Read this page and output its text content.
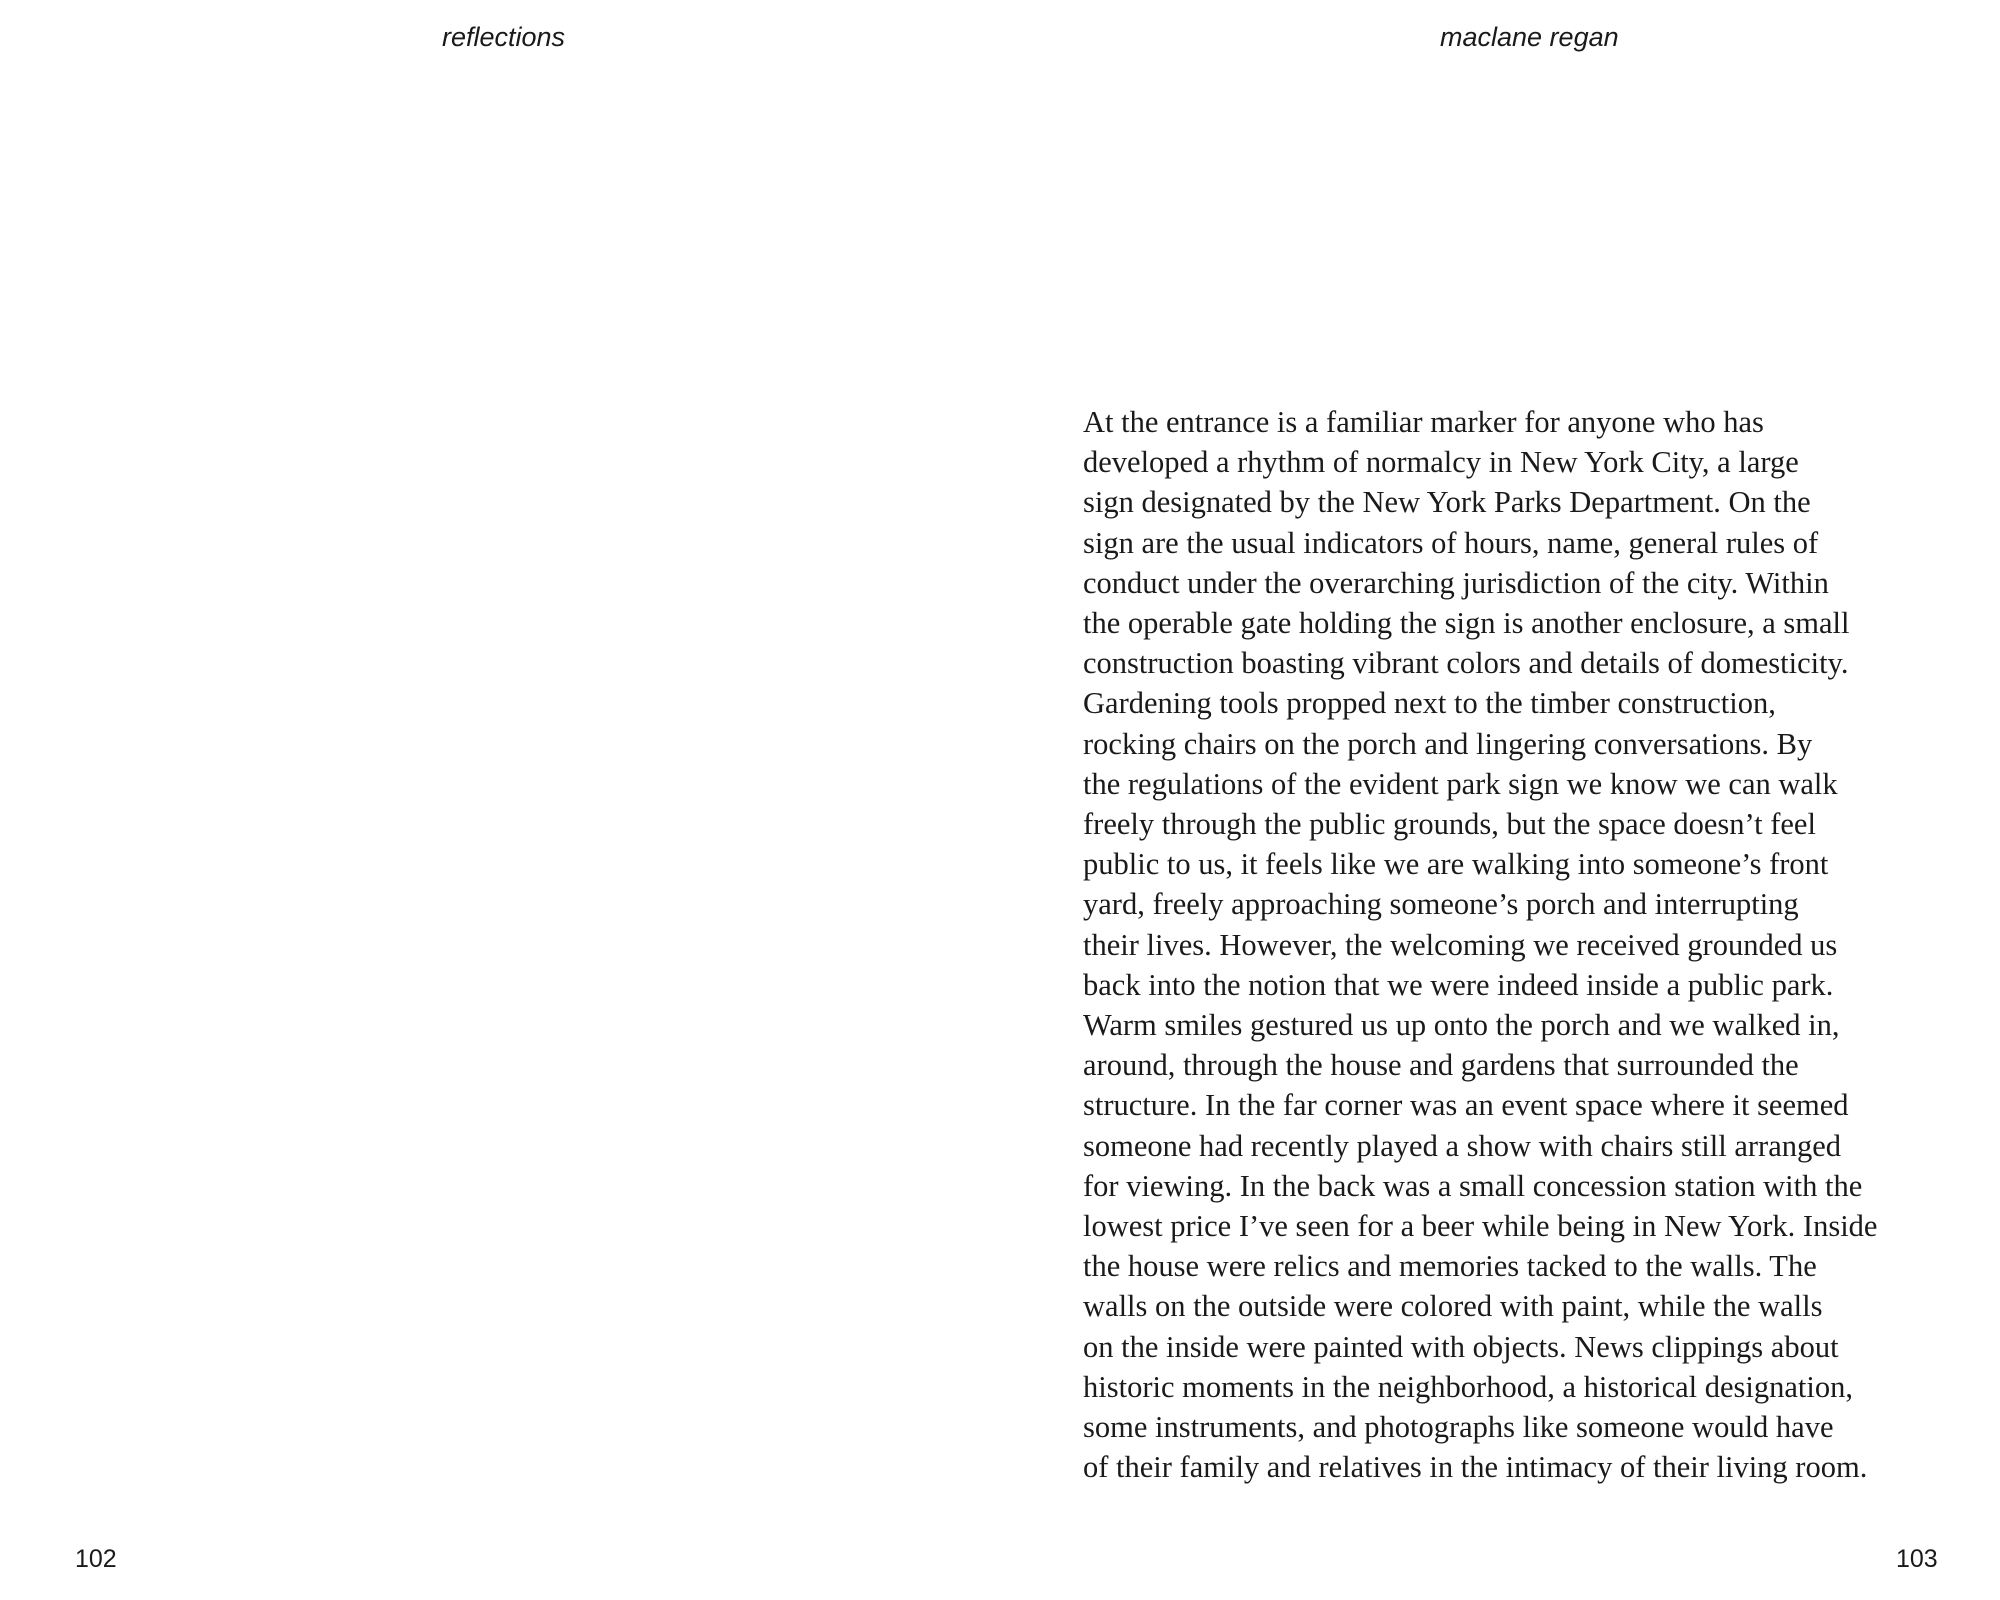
reflections
102
maclane regan

At the entrance is a familiar marker for anyone who has
developed a rhythm of normalcy in New York City, a large
sign designated by the New York Parks Department. On the
sign are the usual indicators of hours, name, general rules of
conduct under the overarching jurisdiction of the city. Within
the operable gate holding the sign is another enclosure, a small
construction boasting vibrant colors and details of domesticity.
Gardening tools propped next to the timber construction,
rocking chairs on the porch and lingering conversations. By
the regulations of the evident park sign we know we can walk
freely through the public grounds, but the space doesn’t feel
public to us, it feels like we are walking into someone’s front
yard, freely approaching someone’s porch and interrupting
their lives. However, the welcoming we received grounded us
back into the notion that we were indeed inside a public park.
Warm smiles gestured us up onto the porch and we walked in,
around, through the house and gardens that surrounded the
structure. In the far corner was an event space where it seemed
someone had recently played a show with chairs still arranged
for viewing. In the back was a small concession station with the
lowest price I’ve seen for a beer while being in New York. Inside
the house were relics and memories tacked to the walls. The
walls on the outside were colored with paint, while the walls
on the inside were painted with objects. News clippings about
historic moments in the neighborhood, a historical designation,
some instruments, and photographs like someone would have
of their family and relatives in the intimacy of their living room.

103
